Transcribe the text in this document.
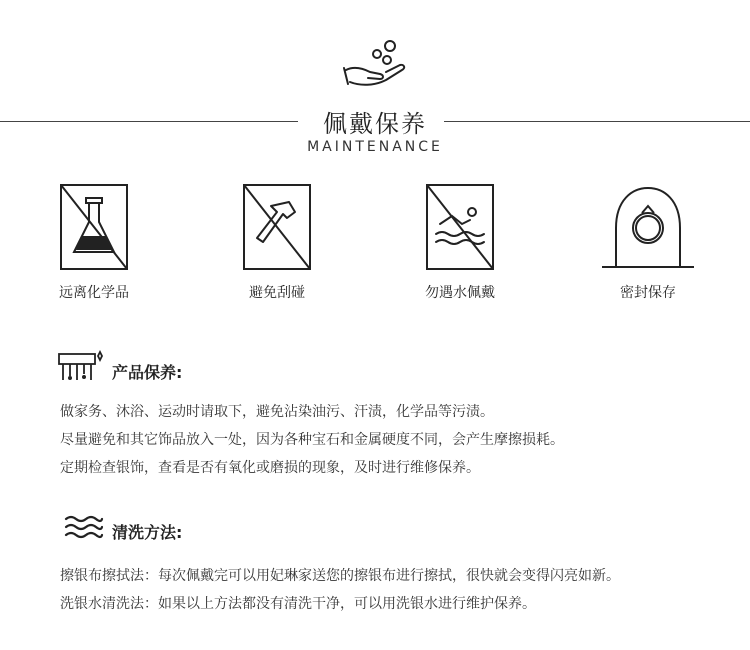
佩戴保养
MAINTENANCE
远离化学品	避免刮碰	勿遇水佩戴	密封保存
产品保养:
做家务、沐浴、运动时请取下，避免沾染油污、汗渍，化学品等污渍。
尽量避免和其它饰品放入一处，因为各种宝石和金属硬度不同，会产生摩擦损耗。
定期检查银饰，查看是否有氧化或磨损的现象，及时进行维修保养。
清洗方法:
擦银布擦拭法：每次佩戴完可以用妃琳家送您的擦银布进行擦拭，很快就会变得闪亮如新。
洗银水清洗法：如果以上方法都没有清洗干净，可以用洗银水进行维护保养。
